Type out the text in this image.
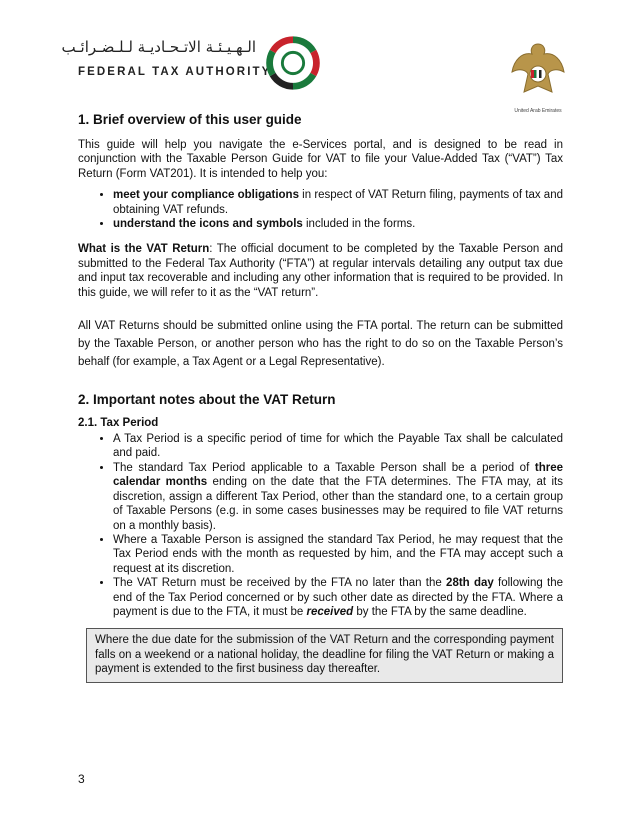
الـهـيـئـة الاتـحـاديـة لـلـضـرائـب
FEDERAL TAX AUTHORITY
United Arab Emirates
1. Brief overview of this user guide

This guide will help you navigate the e-Services portal, and is designed to be read in conjunction with the Taxable Person Guide for VAT to file your Value-Added Tax (“VAT”) Tax Return (Form VAT201). It is intended to help you:

• meet your compliance obligations in respect of VAT Return filing, payments of tax and obtaining VAT refunds.
• understand the icons and symbols included in the forms.

What is the VAT Return: The official document to be completed by the Taxable Person and submitted to the Federal Tax Authority (“FTA”) at regular intervals detailing any output tax due and input tax recoverable and including any other information that is required to be provided. In this guide, we will refer to it as the “VAT return”.

All VAT Returns should be submitted online using the FTA portal. The return can be submitted by the Taxable Person, or another person who has the right to do so on the Taxable Person’s behalf (for example, a Tax Agent or a Legal Representative).

2. Important notes about the VAT Return
2.1. Tax Period
• A Tax Period is a specific period of time for which the Payable Tax shall be calculated and paid.
• The standard Tax Period applicable to a Taxable Person shall be a period of three calendar months ending on the date that the FTA determines. The FTA may, at its discretion, assign a different Tax Period, other than the standard one, to a certain group of Taxable Persons (e.g. in some cases businesses may be required to file VAT returns on a monthly basis).
• Where a Taxable Person is assigned the standard Tax Period, he may request that the Tax Period ends with the month as requested by him, and the FTA may accept such a request at its discretion.
• The VAT Return must be received by the FTA no later than the 28th day following the end of the Tax Period concerned or by such other date as directed by the FTA. Where a payment is due to the FTA, it must be received by the FTA by the same deadline.
Where the due date for the submission of the VAT Return and the corresponding payment falls on a weekend or a national holiday, the deadline for filing the VAT Return or making a payment is extended to the first business day thereafter.
3
